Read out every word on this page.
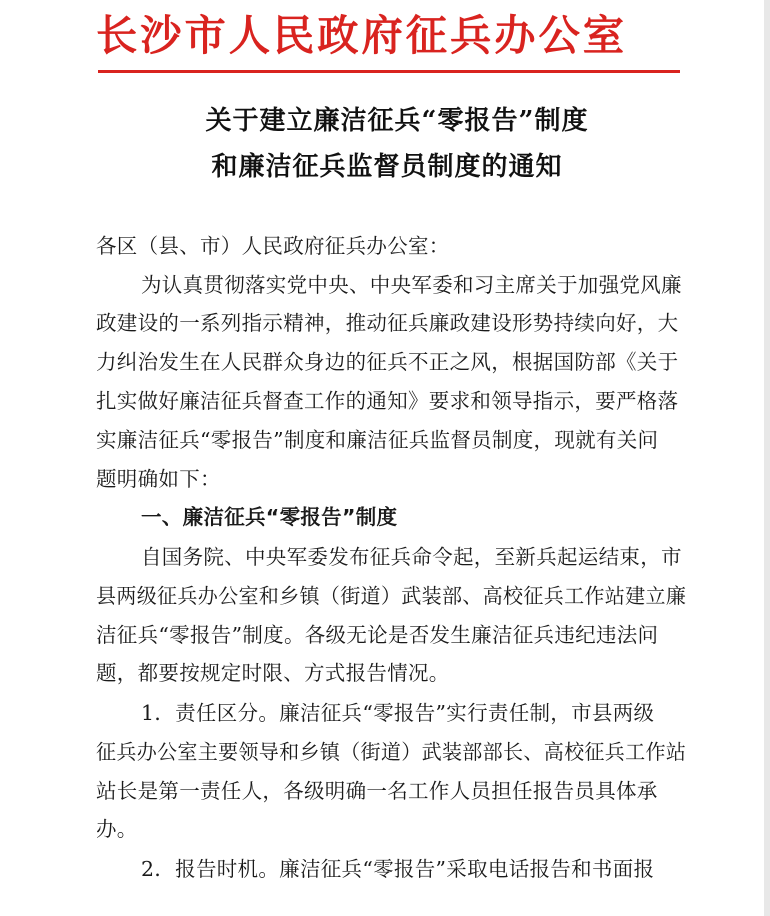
长沙市人民政府征兵办公室
关于建立廉洁征兵“零报告”制度
和廉洁征兵监督员制度的通知
各区（县、市）人民政府征兵办公室：
为认真贯彻落实党中央、中央军委和习主席关于加强党风廉
政建设的一系列指示精神，推动征兵廉政建设形势持续向好，大
力纠治发生在人民群众身边的征兵不正之风，根据国防部《关于
扎实做好廉洁征兵督查工作的通知》要求和领导指示，要严格落
实廉洁征兵“零报告”制度和廉洁征兵监督员制度，现就有关问
题明确如下：
一、廉洁征兵“零报告”制度
自国务院、中央军委发布征兵命令起，至新兵起运结束，市
县两级征兵办公室和乡镇（街道）武装部、高校征兵工作站建立廉
洁征兵“零报告”制度。各级无论是否发生廉洁征兵违纪违法问
题，都要按规定时限、方式报告情况。
1．责任区分。廉洁征兵“零报告”实行责任制，市县两级
征兵办公室主要领导和乡镇（街道）武装部部长、高校征兵工作站
站长是第一责任人，各级明确一名工作人员担任报告员具体承
办。
2．报告时机。廉洁征兵“零报告”采取电话报告和书面报
